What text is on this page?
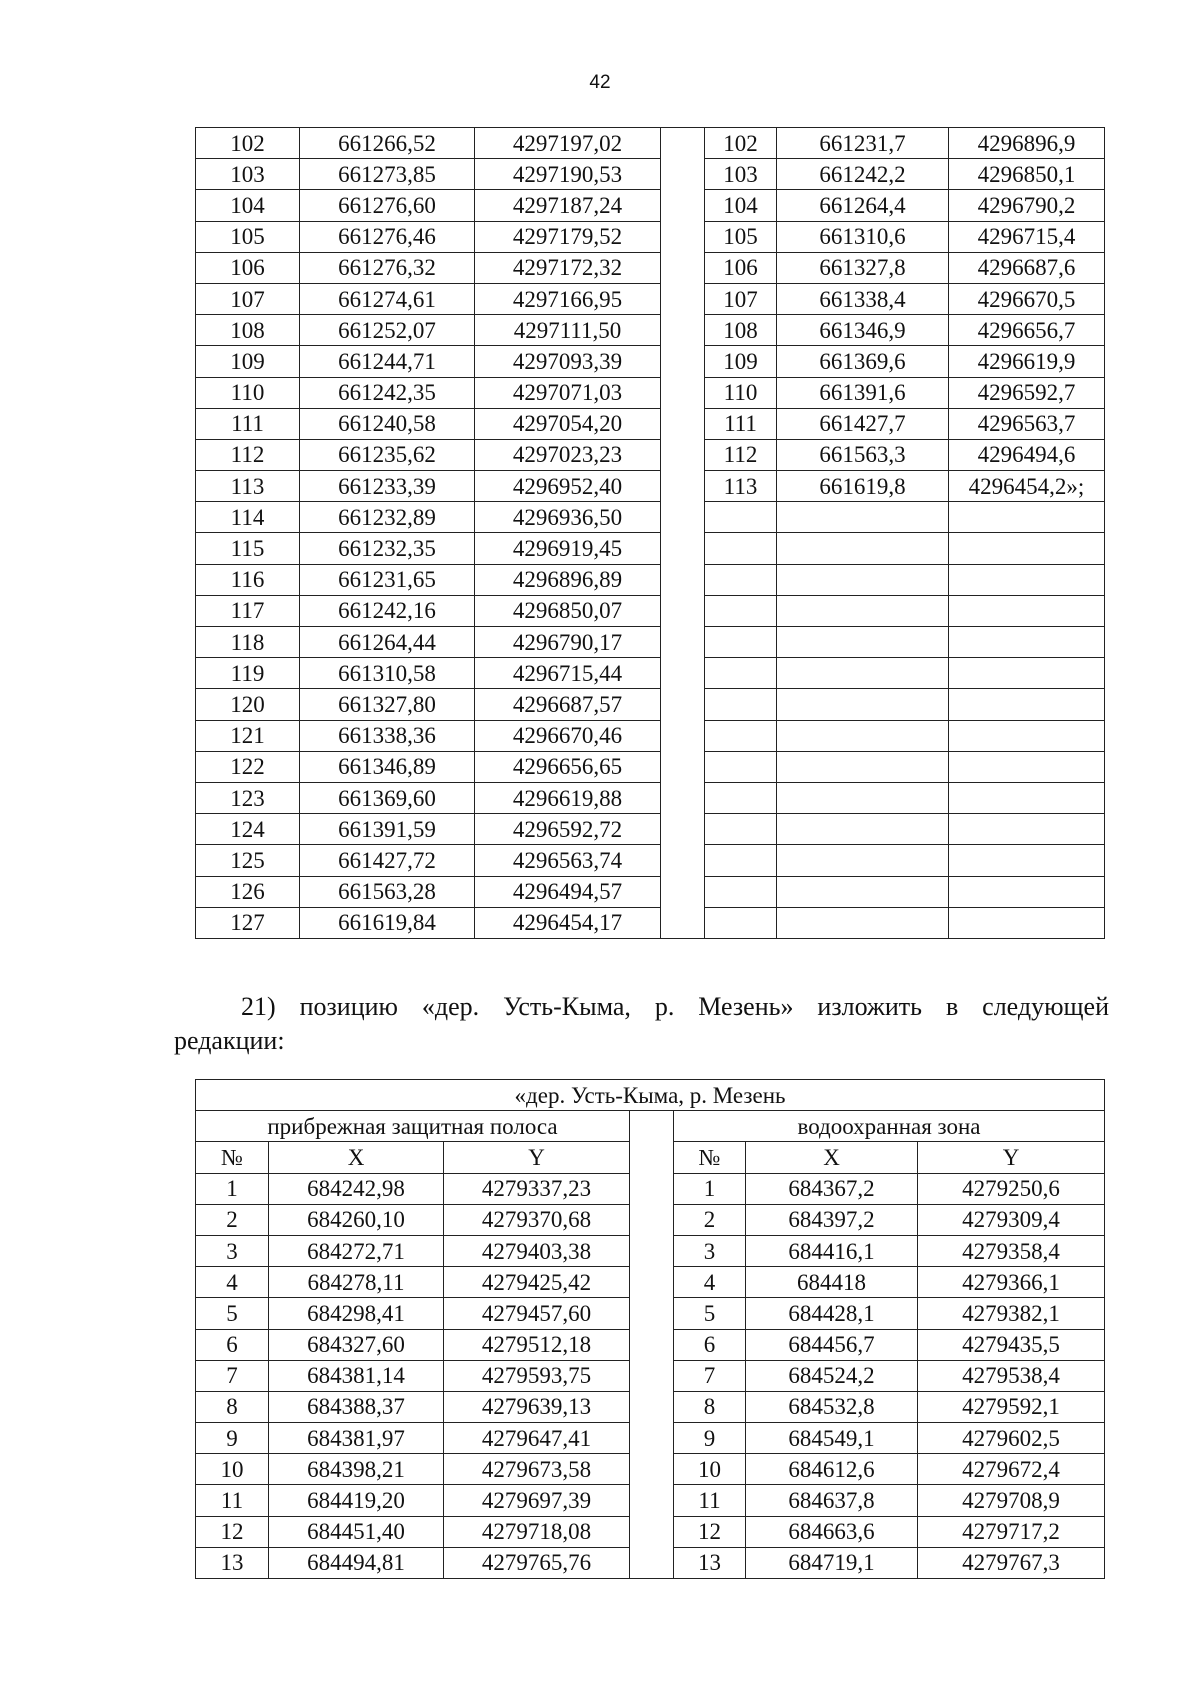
42
102	661266,52	4297197,02		102	661231,7	4296896,9
103	661273,85	4297190,53		103	661242,2	4296850,1
104	661276,60	4297187,24		104	661264,4	4296790,2
105	661276,46	4297179,52		105	661310,6	4296715,4
106	661276,32	4297172,32		106	661327,8	4296687,6
107	661274,61	4297166,95		107	661338,4	4296670,5
108	661252,07	4297111,50		108	661346,9	4296656,7
109	661244,71	4297093,39		109	661369,6	4296619,9
110	661242,35	4297071,03		110	661391,6	4296592,7
111	661240,58	4297054,20		111	661427,7	4296563,7
112	661235,62	4297023,23		112	661563,3	4296494,6
113	661233,39	4296952,40		113	661619,8	4296454,2»;
114	661232,89	4296936,50				
115	661232,35	4296919,45				
116	661231,65	4296896,89				
117	661242,16	4296850,07				
118	661264,44	4296790,17				
119	661310,58	4296715,44				
120	661327,80	4296687,57				
121	661338,36	4296670,46				
122	661346,89	4296656,65				
123	661369,60	4296619,88				
124	661391,59	4296592,72				
125	661427,72	4296563,74				
126	661563,28	4296494,57				
127	661619,84	4296454,17				
21) позицию «дер. Усть-Кыма, р. Мезень» изложить в следующей
редакции:
«дер. Усть-Кыма, р. Мезень						
прибрежная защитная полоса				водоохранная зона		
№	X	Y		№	X	Y
1	684242,98	4279337,23		1	684367,2	4279250,6
2	684260,10	4279370,68		2	684397,2	4279309,4
3	684272,71	4279403,38		3	684416,1	4279358,4
4	684278,11	4279425,42		4	684418	4279366,1
5	684298,41	4279457,60		5	684428,1	4279382,1
6	684327,60	4279512,18		6	684456,7	4279435,5
7	684381,14	4279593,75		7	684524,2	4279538,4
8	684388,37	4279639,13		8	684532,8	4279592,1
9	684381,97	4279647,41		9	684549,1	4279602,5
10	684398,21	4279673,58		10	684612,6	4279672,4
11	684419,20	4279697,39		11	684637,8	4279708,9
12	684451,40	4279718,08		12	684663,6	4279717,2
13	684494,81	4279765,76		13	684719,1	4279767,3
